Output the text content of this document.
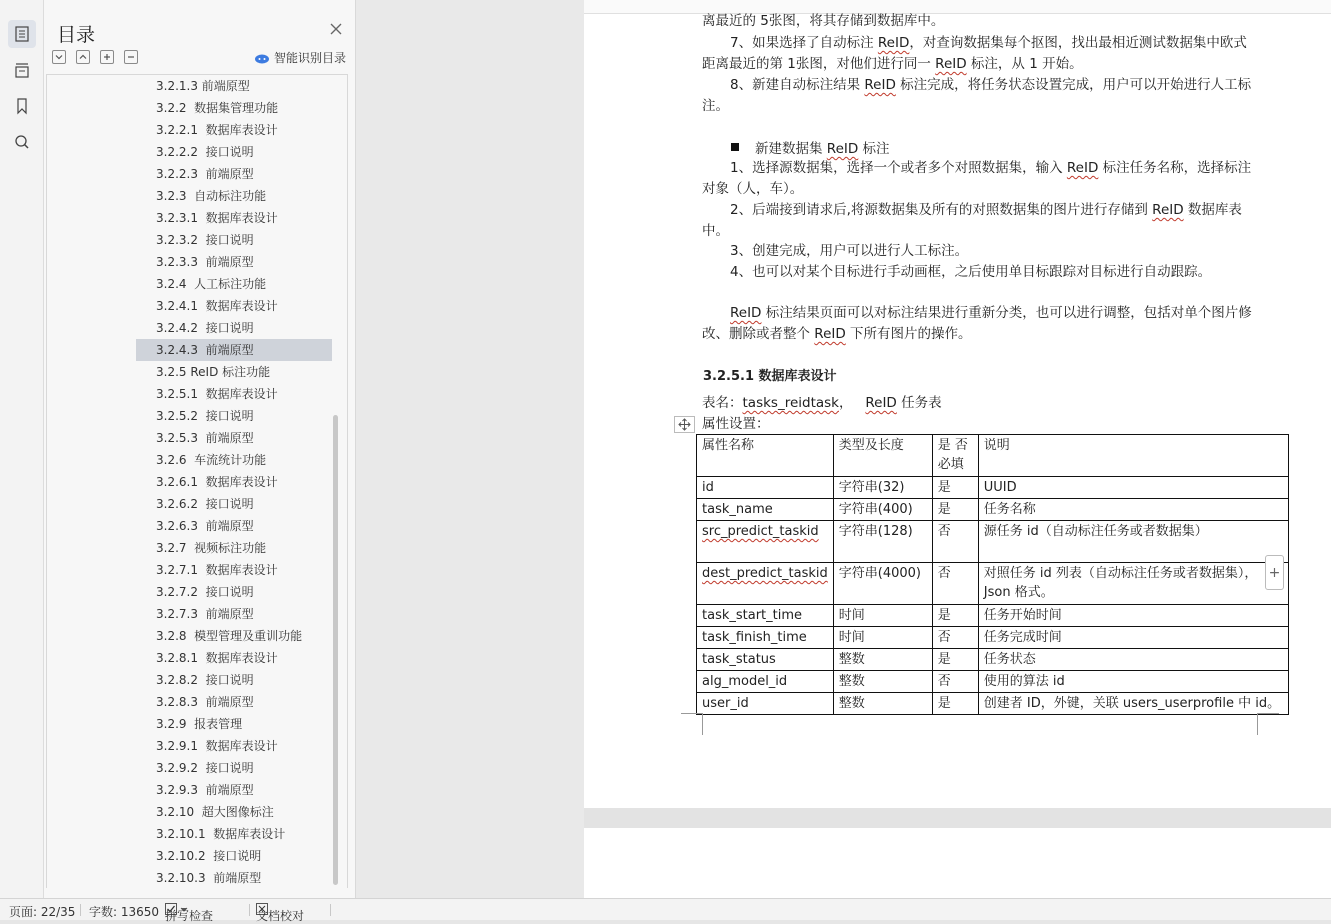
目录
智能识别目录
3.2.1.3 前端原型
3.2.2  数据集管理功能
3.2.2.1  数据库表设计
3.2.2.2  接口说明
3.2.2.3  前端原型
3.2.3  自动标注功能
3.2.3.1  数据库表设计
3.2.3.2  接口说明
3.2.3.3  前端原型
3.2.4  人工标注功能
3.2.4.1  数据库表设计
3.2.4.2  接口说明
3.2.4.3  前端原型
3.2.5 ReID 标注功能
3.2.5.1  数据库表设计
3.2.5.2  接口说明
3.2.5.3  前端原型
3.2.6  车流统计功能
3.2.6.1  数据库表设计
3.2.6.2  接口说明
3.2.6.3  前端原型
3.2.7  视频标注功能
3.2.7.1  数据库表设计
3.2.7.2  接口说明
3.2.7.3  前端原型
3.2.8  模型管理及重训功能
3.2.8.1  数据库表设计
3.2.8.2  接口说明
3.2.8.3  前端原型
3.2.9  报表管理
3.2.9.1  数据库表设计
3.2.9.2  接口说明
3.2.9.3  前端原型
3.2.10  超大图像标注
3.2.10.1  数据库表设计
3.2.10.2  接口说明
3.2.10.3  前端原型
离最近的 5张图，将其存储到数据库中。
7、如果选择了自动标注 ReID，对查询数据集每个抠图，找出最相近测试数据集中欧式距离最近的第 1张图，对他们进行同一 ReID 标注，从 1 开始。
8、新建自动标注结果 ReID 标注完成，将任务状态设置完成，用户可以开始进行人工标注。
新建数据集 ReID 标注
1、选择源数据集，选择一个或者多个对照数据集，输入 ReID 标注任务名称，选择标注对象（人，车）。
2、后端接到请求后,将源数据集及所有的对照数据集的图片进行存储到 ReID 数据库表中。
3、创建完成，用户可以进行人工标注。
4、也可以对某个目标进行手动画框，之后使用单目标跟踪对目标进行自动跟踪。
ReID 标注结果页面可以对标注结果进行重新分类，也可以进行调整，包括对单个图片修改、删除或者整个 ReID 下所有图片的操作。
3.2.5.1 数据库表设计
表名：tasks_reidtask， ReID 任务表
属性设置：
属性名称	类型及长度	是 否必填	说明
id	字符串(32)	是	UUID
task_name	字符串(400)	是	任务名称
src_predict_taskid	字符串(128)	否	源任务 id（自动标注任务或者数据集）
dest_predict_taskid	字符串(4000)	否	对照任务 id 列表（自动标注任务或者数据集），Json 格式。
task_start_time	时间	是	任务开始时间
task_finish_time	时间	否	任务完成时间
task_status	整数	是	任务状态
alg_model_id	整数	否	使用的算法 id
user_id	整数	是	创建者 ID，外键，关联 users_userprofile 中 id。
+
页面: 22/35 字数: 13650 拼写检查	文档校对
